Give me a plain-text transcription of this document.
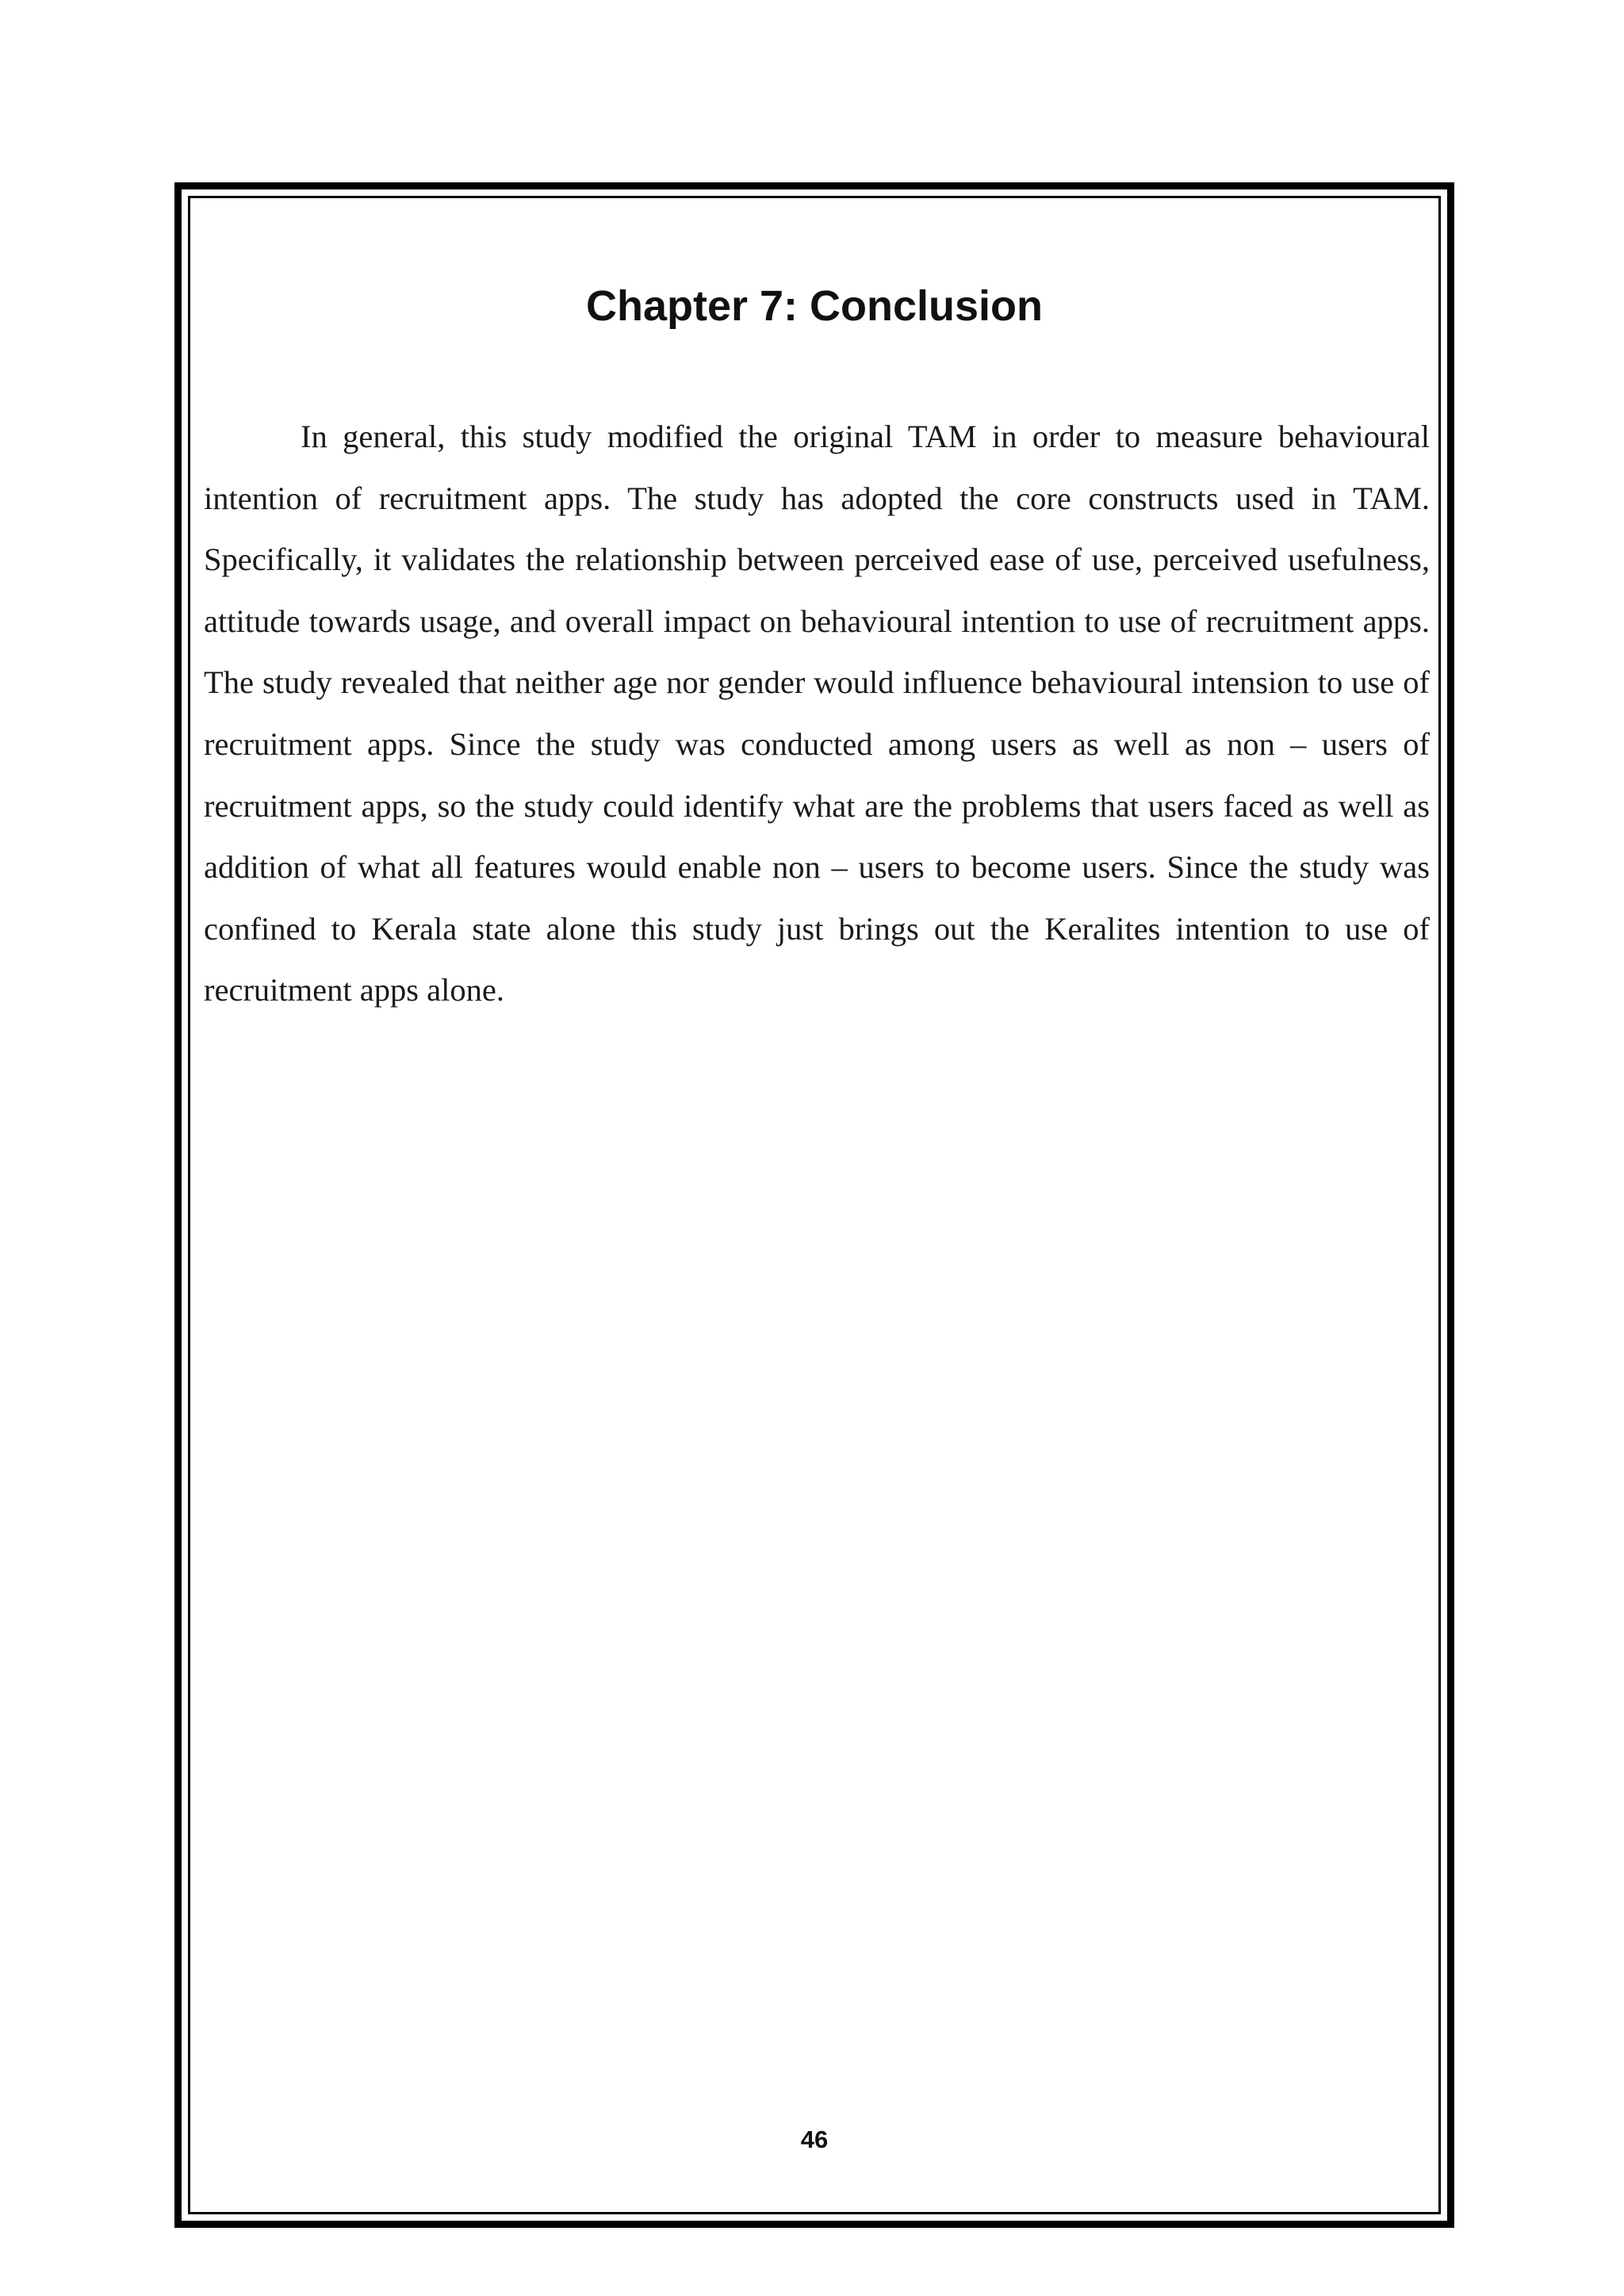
Chapter 7: Conclusion

In general, this study modified the original TAM in order to measure behavioural intention of recruitment apps. The study has adopted the core constructs used in TAM. Specifically, it validates the relationship between perceived ease of use, perceived usefulness, attitude towards usage, and overall impact on behavioural intention to use of recruitment apps. The study revealed that neither age nor gender would influence behavioural intension to use of recruitment apps. Since the study was conducted among users as well as non – users of recruitment apps, so the study could identify what are the problems that users faced as well as addition of what all features would enable non – users to become users. Since the study was confined to Kerala state alone this study just brings out the Keralites intention to use of recruitment apps alone.

46
